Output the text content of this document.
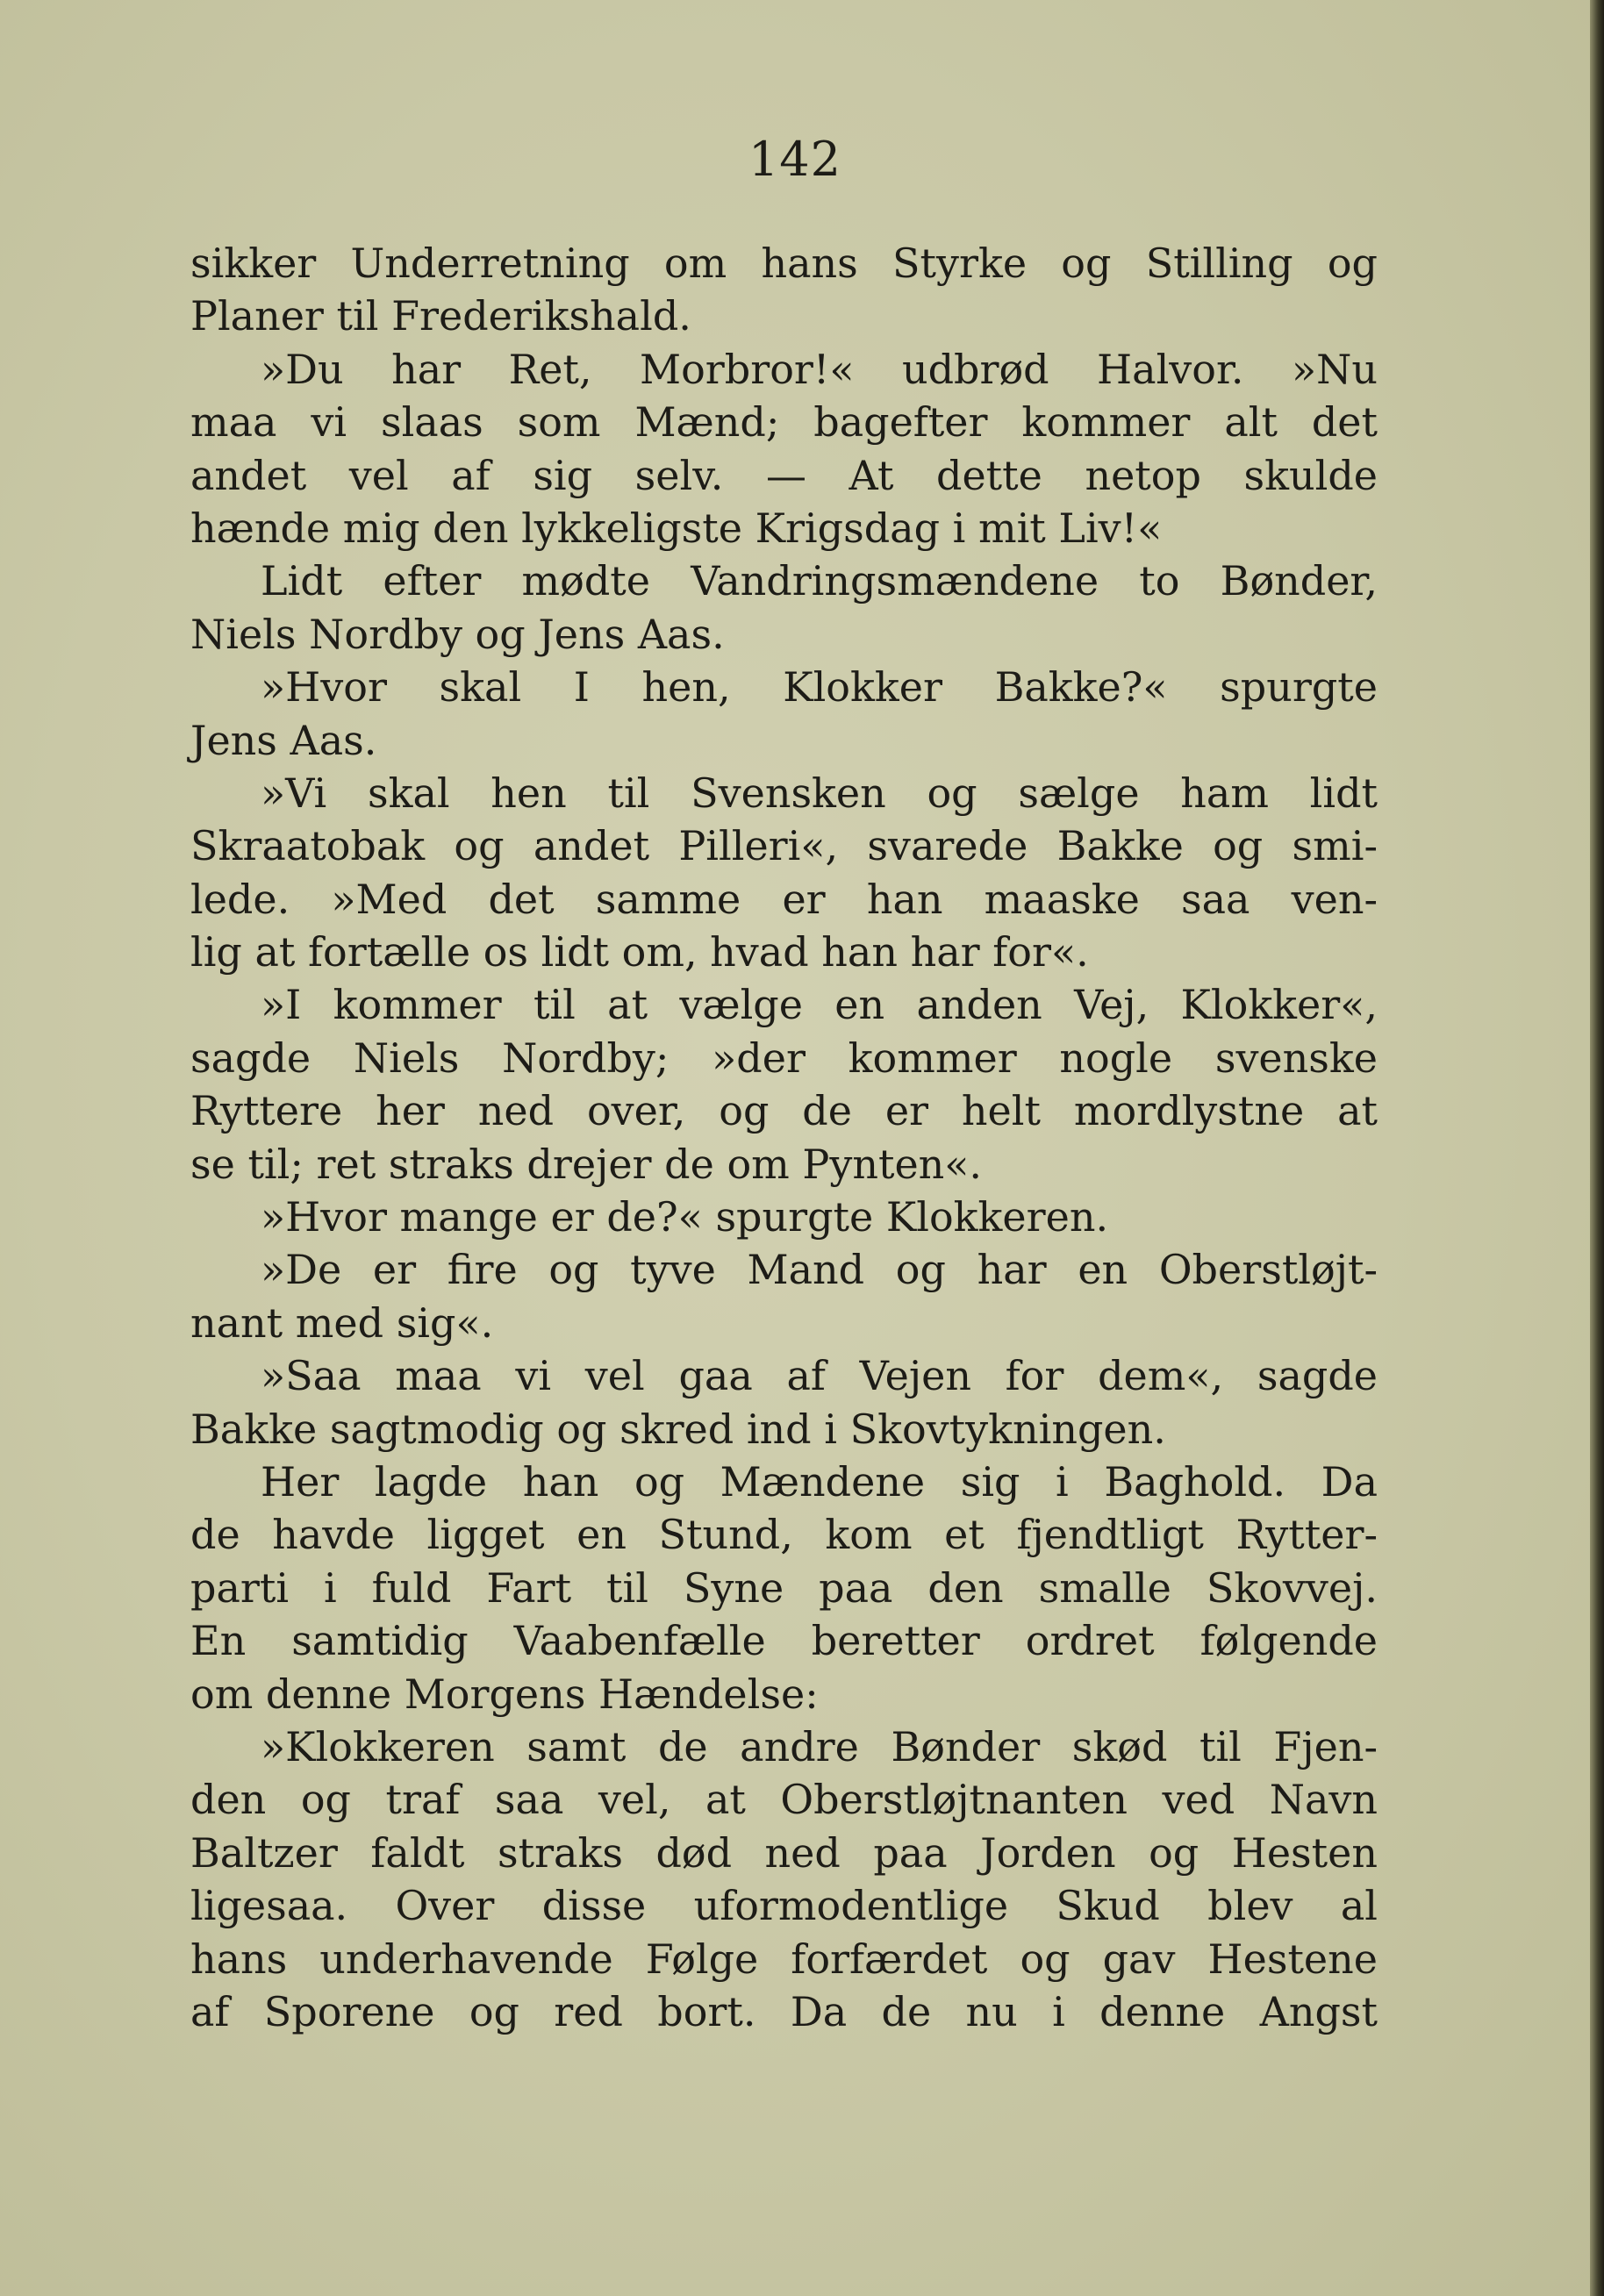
142
sikker Underretning om hans Styrke og Stilling og
Planer til Frederikshald.
»Du har Ret, Morbror!« udbrød Halvor. »Nu
maa vi slaas som Mænd; bagefter kommer alt det
andet vel af sig selv. — At dette netop skulde
hænde mig den lykkeligste Krigsdag i mit Liv!«
Lidt efter mødte Vandringsmændene to Bønder,
Niels Nordby og Jens Aas.
»Hvor skal I hen, Klokker Bakke?« spurgte
Jens Aas.
»Vi skal hen til Svensken og sælge ham lidt
Skraatobak og andet Pilleri«, svarede Bakke og smi-
lede. »Med det samme er han maaske saa ven-
lig at fortælle os lidt om, hvad han har for«.
»I kommer til at vælge en anden Vej, Klokker«,
sagde Niels Nordby; »der kommer nogle svenske
Ryttere her ned over, og de er helt mordlystne at
se til; ret straks drejer de om Pynten«.
»Hvor mange er de?« spurgte Klokkeren.
»De er fire og tyve Mand og har en Oberstløjt-
nant med sig«.
»Saa maa vi vel gaa af Vejen for dem«, sagde
Bakke sagtmodig og skred ind i Skovtykningen.
Her lagde han og Mændene sig i Baghold. Da
de havde ligget en Stund, kom et fjendtligt Rytter-
parti i fuld Fart til Syne paa den smalle Skovvej.
En samtidig Vaabenfælle beretter ordret følgende
om denne Morgens Hændelse:
»Klokkeren samt de andre Bønder skød til Fjen-
den og traf saa vel, at Oberstløjtnanten ved Navn
Baltzer faldt straks død ned paa Jorden og Hesten
ligesaa. Over disse uformodentlige Skud blev al
hans underhavende Følge forfærdet og gav Hestene
af Sporene og red bort. Da de nu i denne Angst
